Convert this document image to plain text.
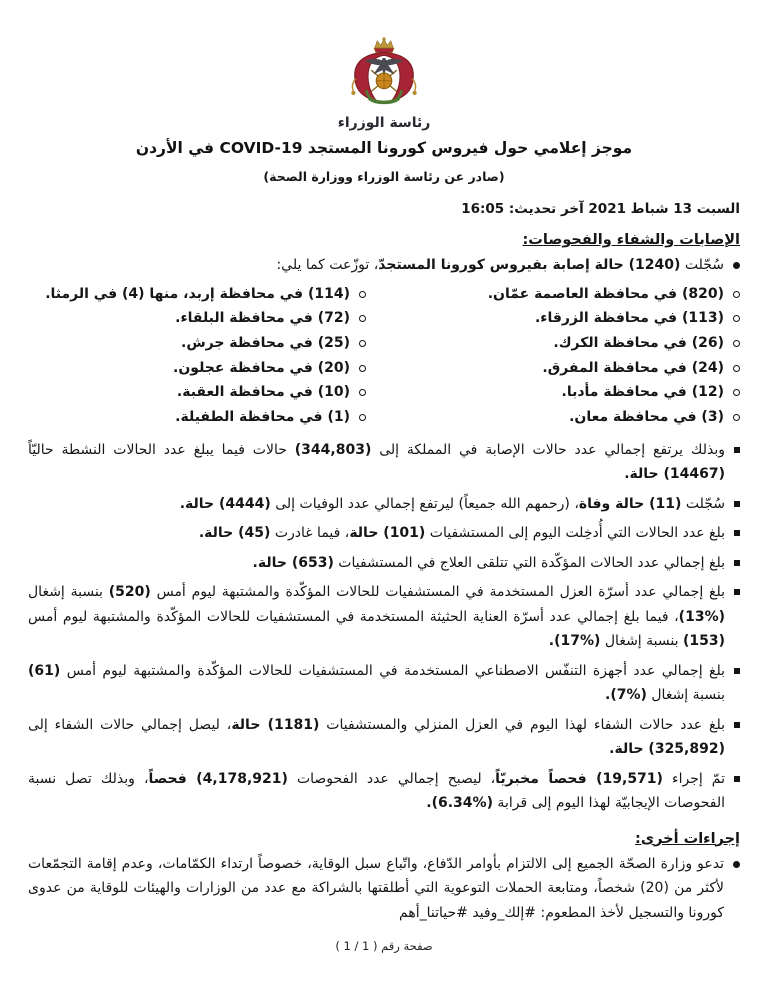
رئاسة الوزراء
موجز إعلامي حول فيروس كورونا المستجد COVID-19 في الأردن
(صادر عن رئاسة الوزراء ووزارة الصحة)
السبت 13 شباط 2021 آخر تحديث: 16:05
الإصابات والشفاء والفحوصات:
سُجّلت (1240) حالة إصابة بفيروس كورونا المستجدّ، توزّعت كما يلي:
(820) في محافظة العاصمة عمّان.
(113) في محافظة الزرقاء.
(26) في محافظة الكرك.
(24) في محافظة المفرق.
(12) في محافظة مأدبا.
(3) في محافظة معان.
(114) في محافظة إربد، منها (4) في الرمثا.
(72) في محافظة البلقاء.
(25) في محافظة جرش.
(20) في محافظة عجلون.
(10) في محافظة العقبة.
(1) في محافظة الطفيلة.
وبذلك يرتفع إجمالي عدد حالات الإصابة في المملكة إلى (344,803) حالات فيما يبلغ عدد الحالات النشطة حاليّاً (14467) حالة.
سُجّلت (11) حالة وفاة، (رحمهم الله جميعاً) ليرتفع إجمالي عدد الوفيات إلى (4444) حالة.
بلغ عدد الحالات التي أُدخِلت اليوم إلى المستشفيات (101) حالة، فيما غادرت (45) حالة.
بلغ إجمالي عدد الحالات المؤكّدة التي تتلقى العلاج في المستشفيات (653) حالة.
بلغ إجمالي عدد أسرّة العزل المستخدمة في المستشفيات للحالات المؤكّدة والمشتبهة ليوم أمس (520) بنسبة إشغال (%13)، فيما بلغ إجمالي عدد أسرّة العناية الحثيثة المستخدمة في المستشفيات للحالات المؤكّدة والمشتبهة ليوم أمس (153) بنسبة إشغال (%17).
بلغ إجمالي عدد أجهزة التنفّس الاصطناعي المستخدمة في المستشفيات للحالات المؤكّدة والمشتبهة ليوم أمس (61) بنسبة إشغال (%7).
بلغ عدد حالات الشفاء لهذا اليوم في العزل المنزلي والمستشفيات (1181) حالة، ليصل إجمالي حالات الشفاء إلى (325,892) حالة.
تمّ إجراء (19,571) فحصاً مخبريّاً، ليصبح إجمالي عدد الفحوصات (4,178,921) فحصاً، وبذلك تصل نسبة الفحوصات الإيجابيّة لهذا اليوم إلى قرابة (%6.34).
إجراءات أخرى:
تدعو وزارة الصحّة الجميع إلى الالتزام بأوامر الدّفاع، واتّباع سبل الوقاية، خصوصاً ارتداء الكمّامات، وعدم إقامة التجمّعات لأكثر من (20) شخصاً، ومتابعة الحملات التوعوية التي أطلقتها بالشراكة مع عدد من الوزارات والهيئات للوقاية من عدوى كورونا والتسجيل لأخذ المطعوم: #إلك_وفيد #حياتنا_أهم
صفحة رقم ( 1 / 1 )
